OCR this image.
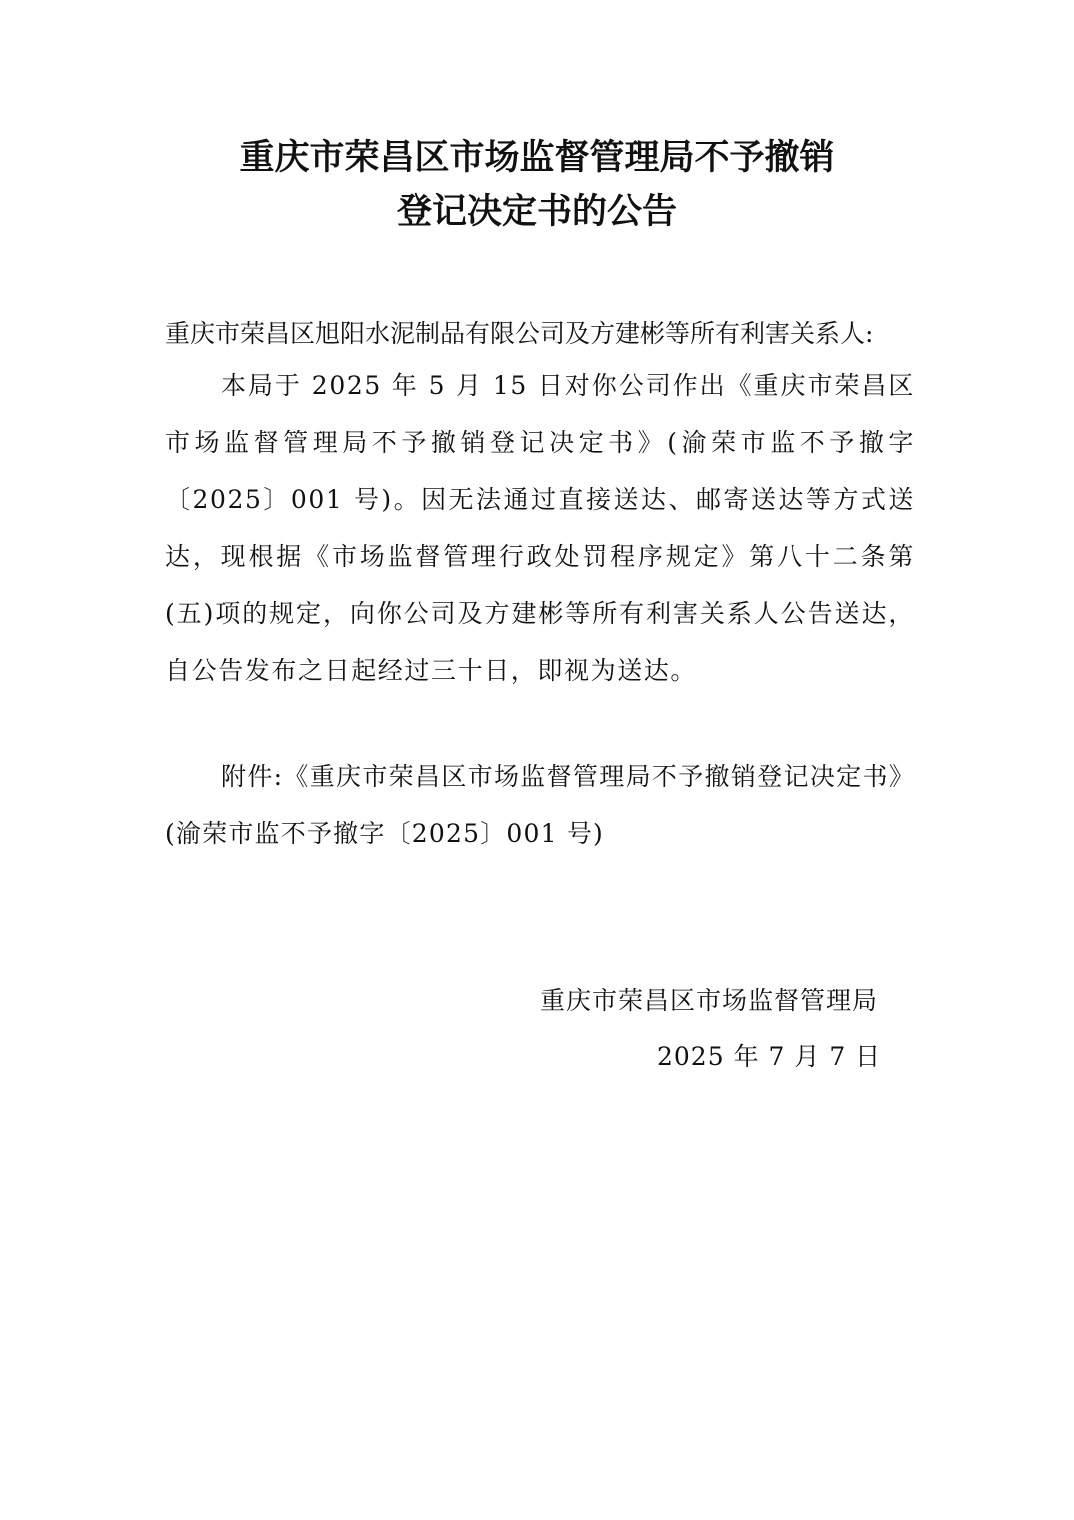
重庆市荣昌区市场监督管理局不予撤销
登记决定书的公告
重庆市荣昌区旭阳水泥制品有限公司及方建彬等所有利害关系人:
本局于 2025 年 5 月 15 日对你公司作出《重庆市荣昌区市场监督管理局不予撤销登记决定书》(渝荣市监不予撤字〔2025〕001 号)。因无法通过直接送达、邮寄送达等方式送达，现根据《市场监督管理行政处罚程序规定》第八十二条第(五)项的规定，向你公司及方建彬等所有利害关系人公告送达，自公告发布之日起经过三十日，即视为送达。
附件:《重庆市荣昌区市场监督管理局不予撤销登记决定书》(渝荣市监不予撤字〔2025〕001 号)
重庆市荣昌区市场监督管理局
2025 年 7 月 7 日
